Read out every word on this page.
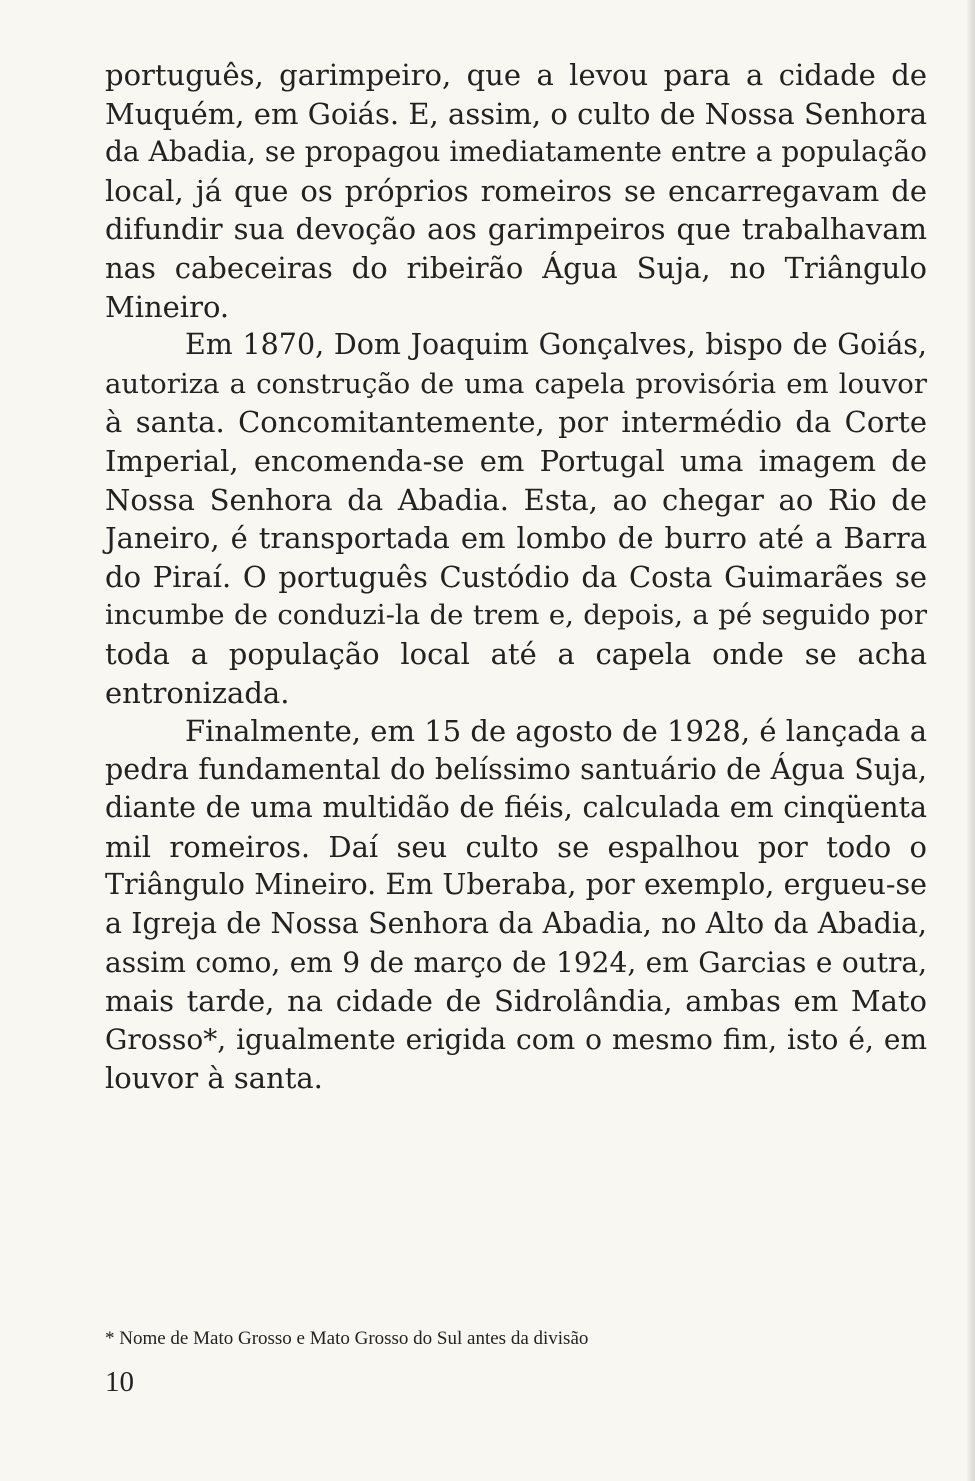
português, garimpeiro, que a levou para a cidade de
Muquém, em Goiás. E, assim, o culto de Nossa Senhora
da Abadia, se propagou imediatamente entre a população
local, já que os próprios romeiros se encarregavam de
difundir sua devoção aos garimpeiros que trabalhavam
nas cabeceiras do ribeirão Água Suja, no Triângulo
Mineiro.
Em 1870, Dom Joaquim Gonçalves, bispo de Goiás,
autoriza a construção de uma capela provisória em louvor
à santa. Concomitantemente, por intermédio da Corte
Imperial, encomenda-se em Portugal uma imagem de
Nossa Senhora da Abadia. Esta, ao chegar ao Rio de
Janeiro, é transportada em lombo de burro até a Barra
do Piraí. O português Custódio da Costa Guimarães se
incumbe de conduzi-la de trem e, depois, a pé seguido por
toda a população local até a capela onde se acha
entronizada.
Finalmente, em 15 de agosto de 1928, é lançada a
pedra fundamental do belíssimo santuário de Água Suja,
diante de uma multidão de fiéis, calculada em cinqüenta
mil romeiros. Daí seu culto se espalhou por todo o
Triângulo Mineiro. Em Uberaba, por exemplo, ergueu-se
a Igreja de Nossa Senhora da Abadia, no Alto da Abadia,
assim como, em 9 de março de 1924, em Garcias e outra,
mais tarde, na cidade de Sidrolândia, ambas em Mato
Grosso*, igualmente erigida com o mesmo fim, isto é, em
louvor à santa.
* Nome de Mato Grosso e Mato Grosso do Sul antes da divisão
10
